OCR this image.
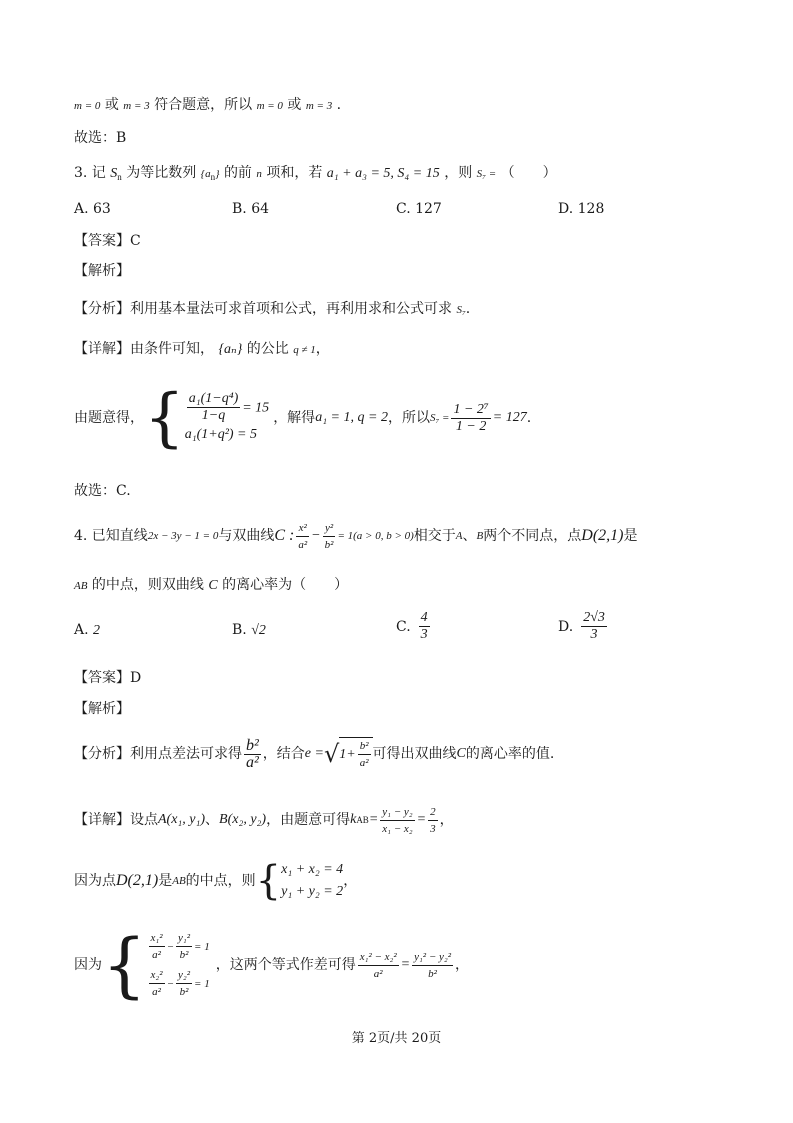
m = 0 或 m = 3 符合题意，所以 m = 0 或 m = 3 .
故选：B
3. 记 $S_n$ 为等比数列 $\{a_n\}$ 的前 n 项和，若 a₁ + a₃ = 5, S₄ = 15 ，则 S₇ = （　　）
A. 63	B. 64	C. 127	D. 128
【答案】C
【解析】
【分析】利用基本量法可求首项和公式，再利用求和公式可求 S₇.
【详解】由条件可知， {aₙ} 的公比 q ≠ 1，
由题意得， { $\frac{\text{a₁(1−q⁴)}}{1-q} = 15$
a₁(1+q²) = 5
，解得 a₁ = 1, q = 2 ，所以 $S_7 = \frac{\text{1 − 2⁷}}{1 - 2} = 127$ .
故选：C.
4. 已知直线 2x − 3y − 1 = 0 与双曲线 C : $\frac{\text{x²}}{\text{a²}} - \frac{\text{y²}}{\text{b²}} = 1(a > 0$, b > 0) 相交于 A 、 B 两个不同点，点 D(2,1) 是
AB 的中点，则双曲线 C 的离心率为（　　）
A. 2	B. √2	C. $\frac{4}{3}$	D. $\frac{2√3}{3}$
【答案】D
【解析】
【分析】利用点差法可求得 $\frac{\text{b²}}{\text{a²}}$ ，结合 e = √ $1+ \frac{\text{b²}}{\text{a²}}$ 可得出双曲线 C 的离心率的值.
【详解】设点 A(x₁, y₁) 、 B(x₂, y₂) ，由题意可得 k AB = $\frac{\text{y₁ − y₂}}{\text{x₁ − x₂}} = \frac{2}{3}$ ，
因为点 D(2,1) 是 AB 的中点，则 { x₁ + x₂ = 4
y₁ + y₂ = 2
，
因为 { $\frac{\text{x₁²}}{\text{a²}} - \frac{\text{y₁²}}{\text{b²}} = 1$
$\frac{\text{x₂²}}{\text{a²}} - \frac{\text{y₂²}}{\text{b²}} = 1$
，这两个等式作差可得 $\frac{\text{x₁² − x₂²}}{\text{a²}} = \frac{\text{y₁² − y₂²}}{\text{b²}}$ ，
第 2页/共 20页
